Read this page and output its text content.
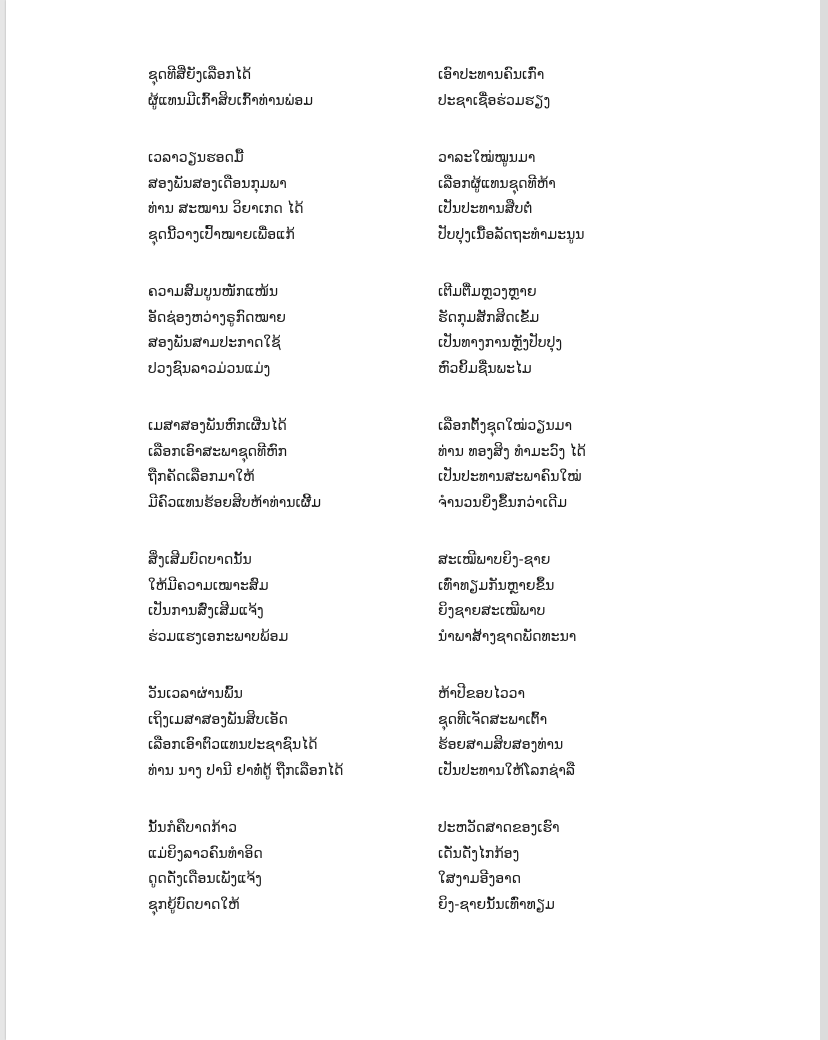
ຊຸດທີສີ່ຍັງເລືອກໄດ້	ເອົາປະທານຄົນເກົ່າ
ຜູ້ແທນມີເກົ້າສິບເກົ້າທ່ານພ່ອມ	ປະຊາເຊື່ອຮ່ວມຮຽງ
ເວລາວຽນຮອດມື້	ວາລະໃໝ່ໝູນມາ
ສອງພັນສອງເດືອນກຸມພາ	ເລືອກຜູ້ແທນຊຸດທີຫ້າ
ທ່ານ ສະໝານ ວິຍາເກດ ໄດ້	ເປັນປະທານສືບຕໍ່
ຊຸດນີ້ວາງເປົ້າໝາຍເພື່ອແກ້	ປັບປຸງເນື້ອລັດຖະທຳມະນູນ
ຄວາມສົມບູນໜັກແໜ້ນ	ເຕີມຕື່ມຫຼວງຫຼາຍ
ອັດຊ່ອງຫວ່າງຣູກົດໝາຍ	ຮັດກຸມສັກສິດເຂັ້ມ
ສອງພັນສາມປະກາດໃຊ້	ເປັນທາງການຫຼັງປັບປຸງ
ປວງຊົນລາວມ່ວນແມ່ງ	ຫົວຍິ້ມຊື່ນພະໄມ
ເມສາສອງພັນຫົກເຜີ່ນໄດ້	ເລືອກຕັ້ງຊຸດໃໝ່ວຽນມາ
ເລືອກເອົາສະພາຊຸດທີຫົກ	ທ່ານ ທອງສິງ ທຳມະວົງ ໄດ້
ຖືກຄັດເລືອກມາໃຫ້	ເປັນປະທານສະພາຄົນໃໝ່
ມີຄົວແທນຮ້ອຍສິບຫ້າທ່ານເຜີ້ມ	ຈຳນວນຍິ່ງຂຶ້ນກວ່າເດີມ
ສິ່ງເສີມບົດບາດນັ້ນ	ສະເໝີພາບຍິງ-ຊາຍ
ໃຫ້ມີຄວາມເໝາະສົມ	ເທົ່າທຽມກັນຫຼາຍຂຶ້ນ
ເປັນການສົ່ງເສີມແຈ້ງ	ຍິງຊາຍສະເໝີພາບ
ຮ່ວມແຮງເອກະພາບພ້ອມ	ນຳພາສ້າງຊາດພັດທະນາ
ວັນເວລາຜ່ານພົ້ນ	ຫ້າປີຂອບໄວວາ
ເຖິງເມສາສອງພັນສິບເອັດ	ຊຸດທີເຈັດສະພາເຕົ້າ
ເລືອກເອົາຕົວແທນປະຊາຊົນໄດ້	ຮ້ອຍສາມສິບສອງທ່ານ
ທ່ານ ນາງ ປານີ ຢາທໍ່ຕູ້ ຖືກເລືອກໄດ້	ເປັນປະທານໃຫ້ໂລກຊ່າລື
ນັ້ນກໍຄືບາດກ້າວ	ປະຫວັດສາດຂອງເຮົາ
ແມ່ຍິງລາວຄົນທຳອິດ	ເດັ່ນດັ່ງໄກກ້ອງ
ດູດດັ່ງເດືອນເພັງແຈ້ງ	ໃສງາມອີງອາດ
ຊຸກຍູ້ບົດບາດໃຫ້	ຍິງ-ຊາຍນັ້ນເທົ່າທຽມ
